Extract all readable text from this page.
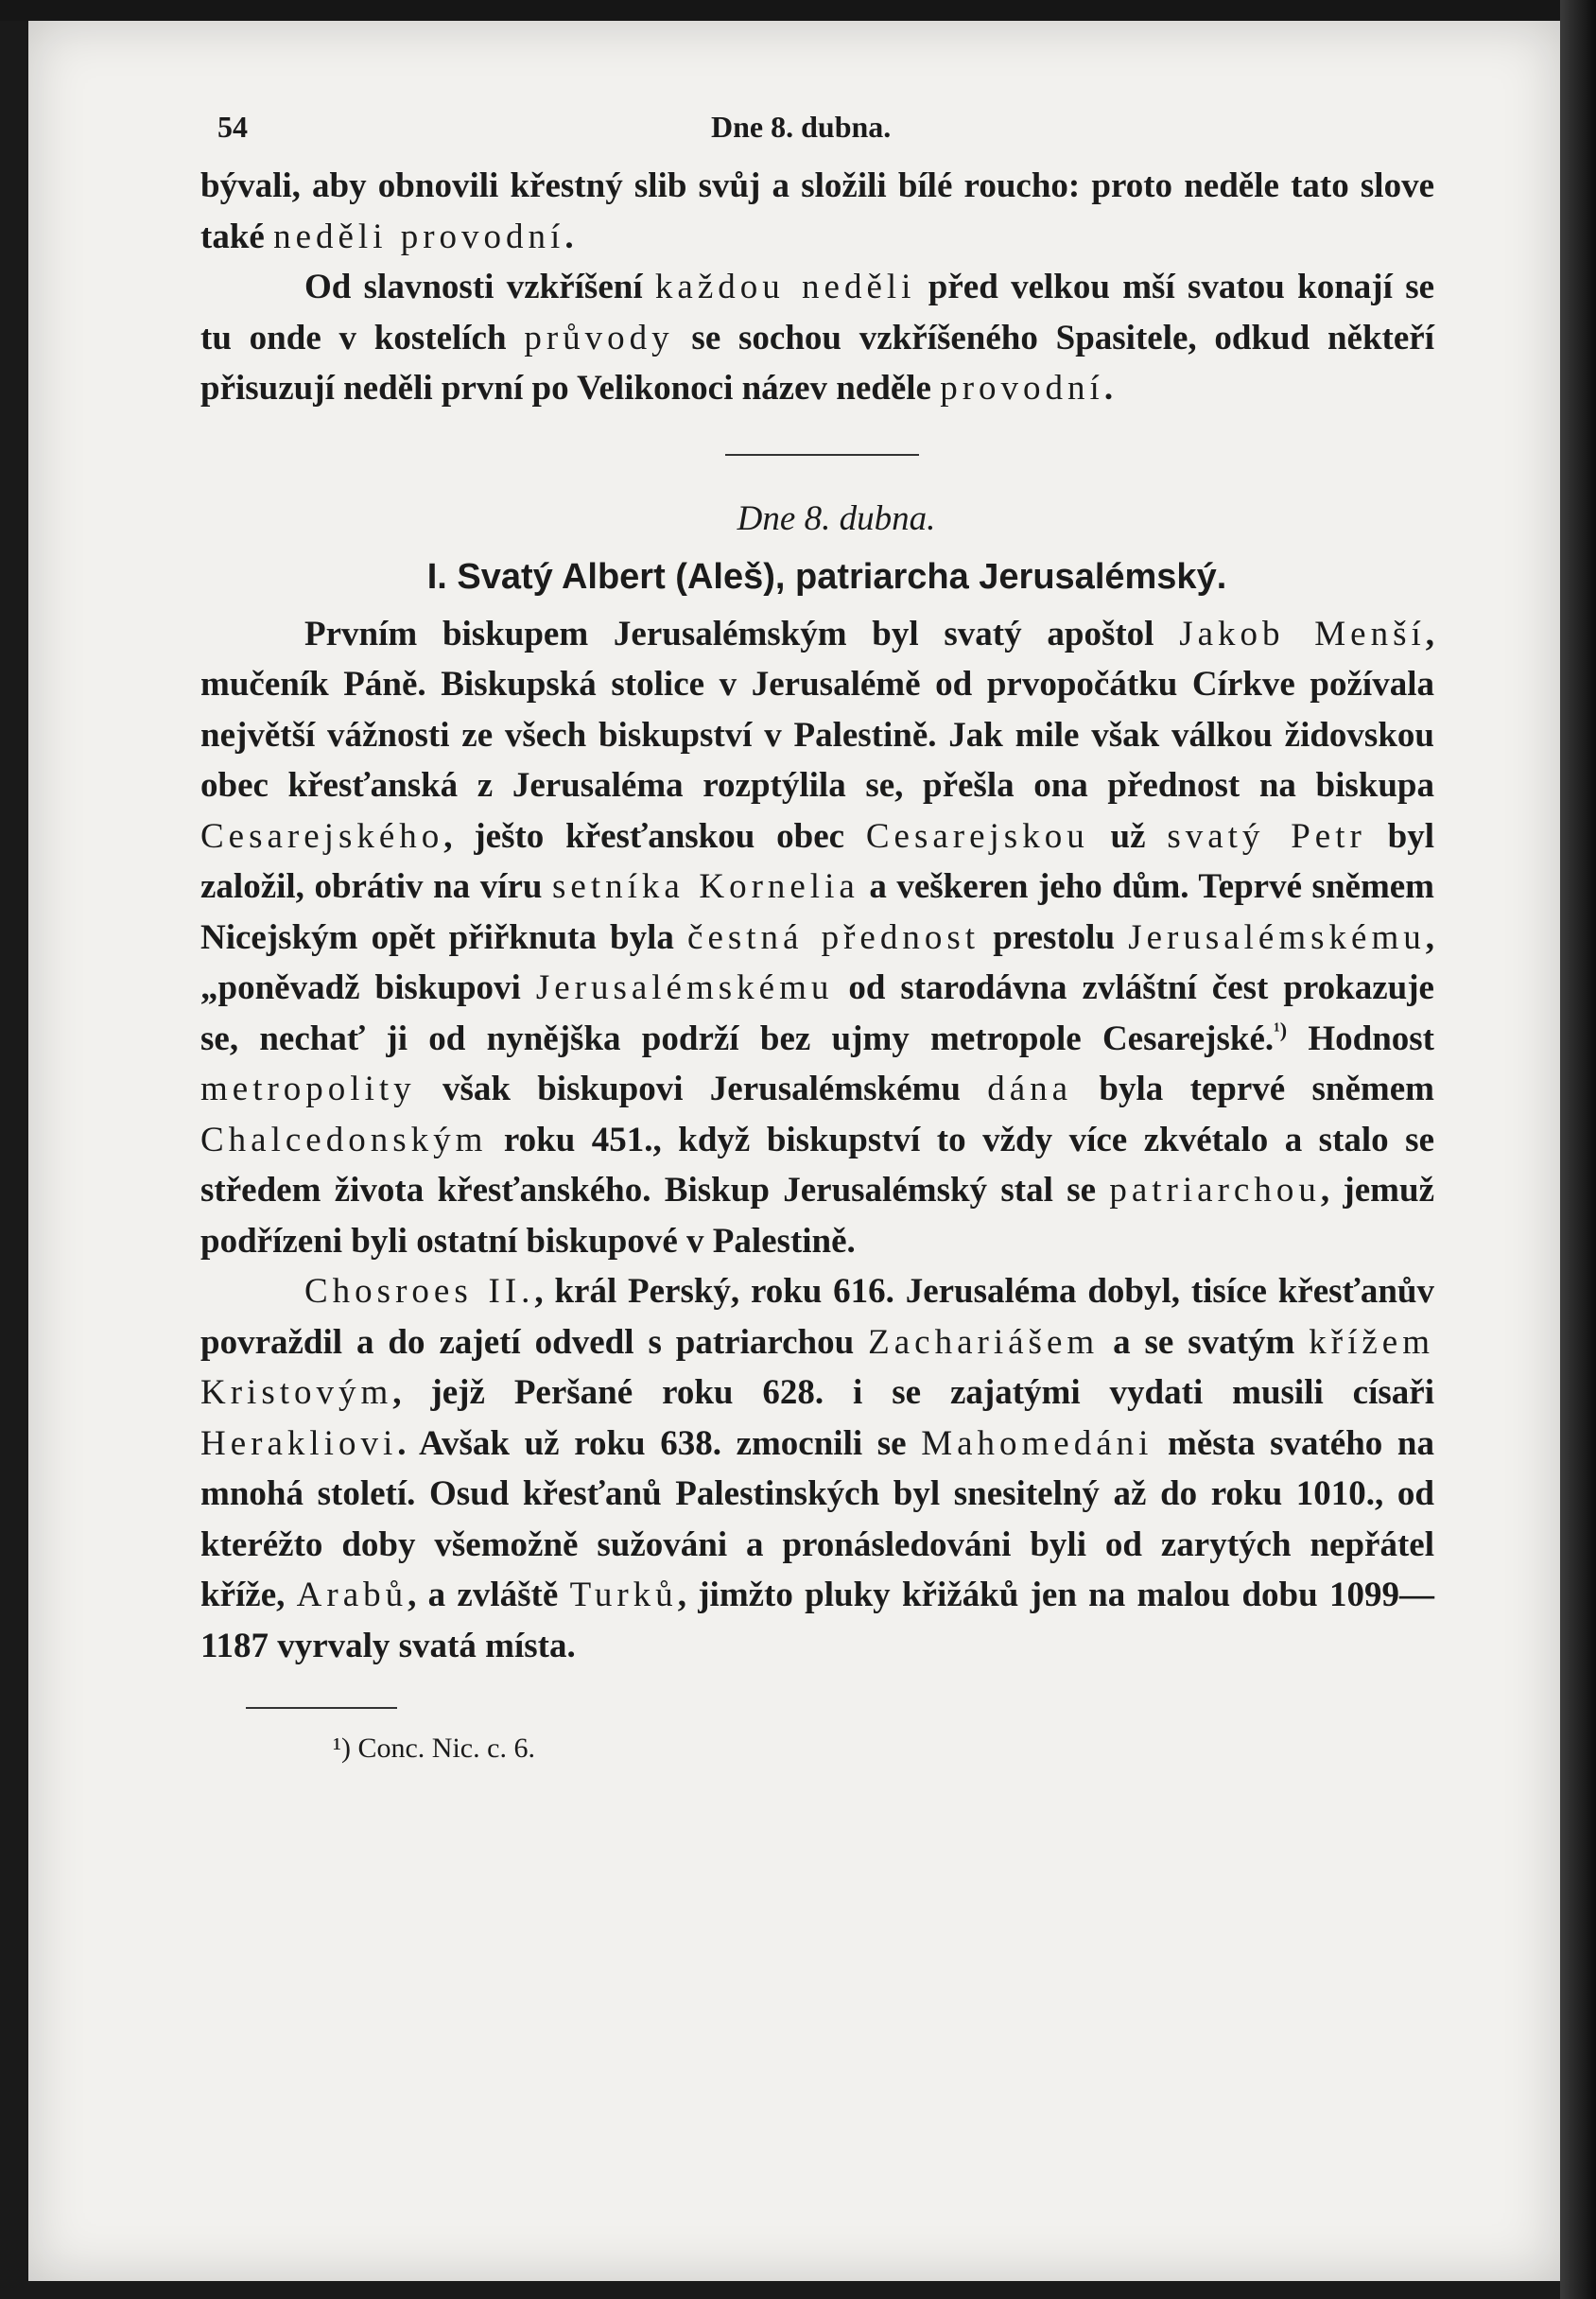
54	Dne 8. dubna.

bývali, aby obnovili křestný slib svůj a složili bílé roucho: proto neděle tato slove také neděli provodní.

Od slavnosti vzkříšení každou neděli před velkou mší svatou konají se tu onde v kostelích průvody se sochou vzkříšeného Spasitele, odkud někteří přisuzují neděli první po Velikonoci název neděle provodní.

Dne 8. dubna.
I. Svatý Albert (Aleš), patriarcha Jerusalémský.

Prvním biskupem Jerusalémským byl svatý apoštol Jakob Menší, mučeník Páně. Biskupská stolice v Jerusalémě od prvopočátku Církve požívala největší vážnosti ze všech biskupství v Palestině. Jak mile však válkou židovskou obec křesťanská z Jerusaléma rozptýlila se, přešla ona přednost na biskupa Cesarejského, ješto křesťanskou obec Cesarejskou už svatý Petr byl založil, obrátiv na víru setníka Kornelia a veškeren jeho dům. Teprvé sněmem Nicejským opět přiřknuta byla čestná přednost prestolu Jerusalémskému, „poněvadž biskupovi Jerusalémskému od starodávna zvláštní čest prokazuje se, nechať ji od nynějška podrží bez ujmy metropole Cesarejské.$^{^1)}$ Hodnost metropolity však biskupovi Jerusalémskému dána byla teprvé sněmem Chalcedonským roku 451., když biskupství to vždy více zkvétalo a stalo se středem života křesťanského. Biskup Jerusalémský stal se patriarchou, jemuž podřízeni byli ostatní biskupové v Palestině.

Chosroes II., král Perský, roku 616. Jerusaléma dobyl, tisíce křesťanův povraždil a do zajetí odvedl s patriarchou Zachariášem a se svatým křížem Kristovým, jejž Peršané roku 628. i se zajatými vydati musili císaři Herakliovi. Avšak už roku 638. zmocnili se Mahomedáni města svatého na mnohá století. Osud křesťanů Palestinských byl snesitelný až do roku 1010., od kteréžto doby všemožně sužováni a pronásledováni byli od zarytých nepřátel kříže, Arabů, a zvláště Turků, jimžto pluky křižáků jen na malou dobu 1099—1187 vyrvaly svatá místa.

¹) Conc. Nic. c. 6.
